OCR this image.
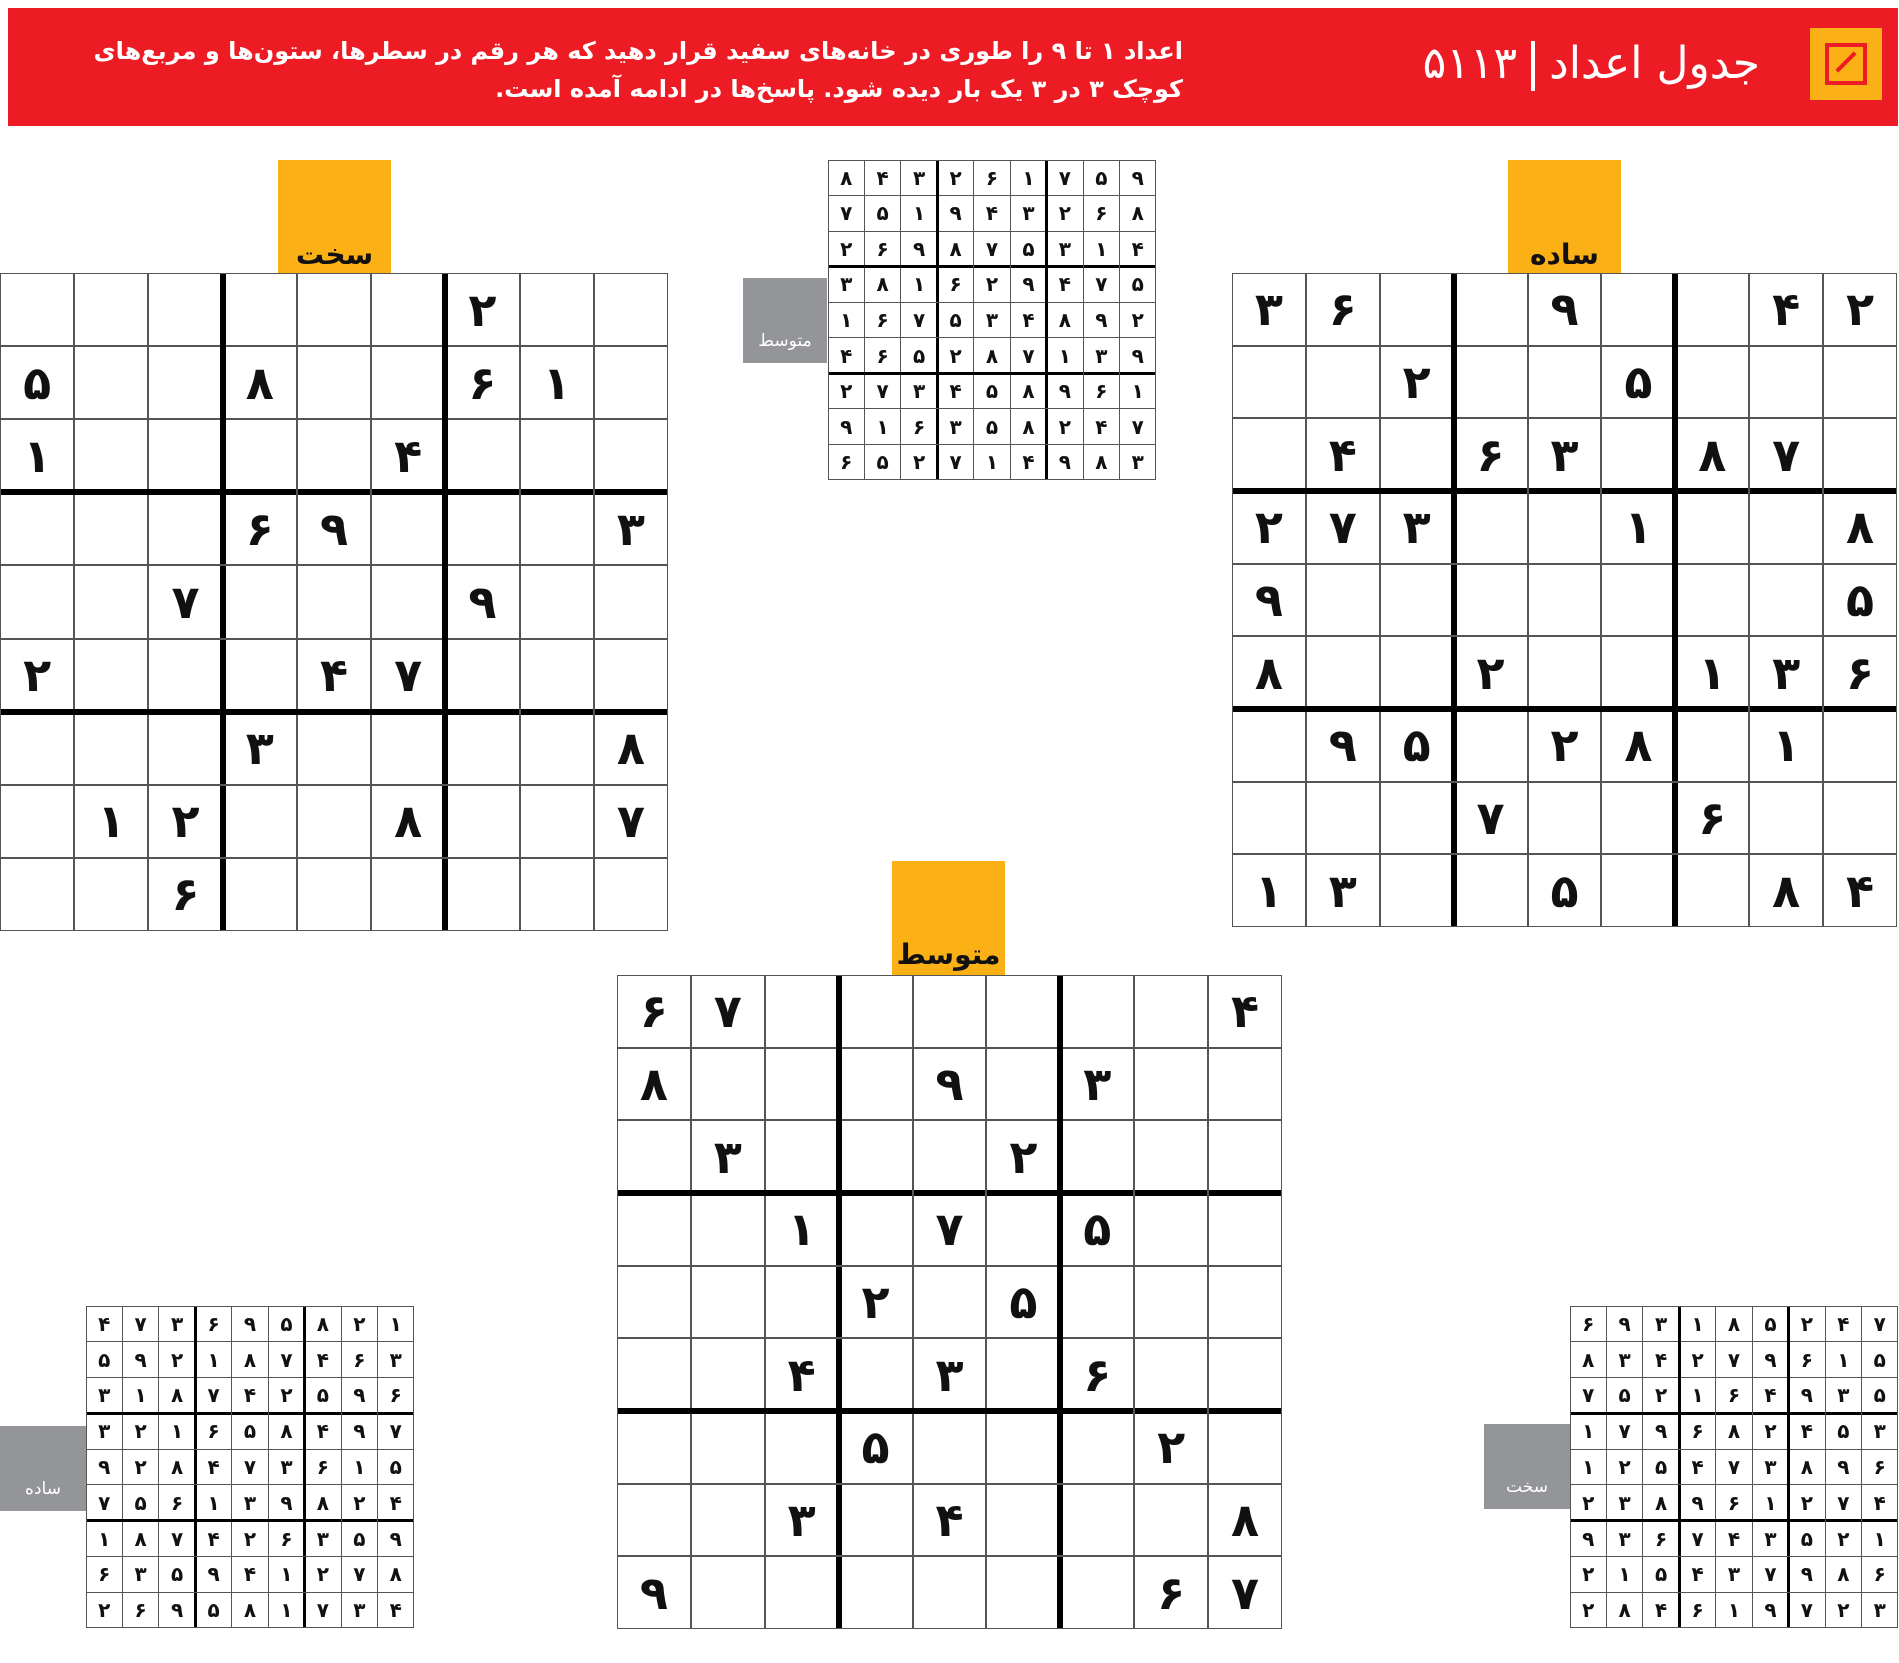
جدول اعداد۵۱۱۳
اعداد ۱ تا ۹ را طوری در خانه‌های سفید قرار دهید که هر رقم در سطرها، ستون‌ها و مربع‌های کوچک ۳ در ۳ یک بار دیده شود. پاسخ‌ها در ادامه آمده است.
ساده
سخت
متوسط
متوسط
ساده	سخت
۲
۴
۹
۶
۳
۵
۲
۷
۸
۳
۶
۴
۸
۱
۳
۷
۲
۵
۹
۶
۳
۱
۲
۸
۱
۸
۲
۵
۹
۶
۷
۴
۸
۵
۳
۱
۲
۱
۶
۸
۵
۴
۱
۳
۹
۶
۹
۷
۷
۴
۲
۸
۳
۷
۸
۲
۱
۶
۴
۷
۶
۳
۹
۸
۲
۳
۵
۷
۱
۵
۲
۶
۳
۴
۲
۵
۸
۴
۳
۷
۶
۹
۹
۵
۷
۱
۶
۲
۳
۴
۸
۸
۶
۲
۳
۴
۹
۱
۵
۷
۴
۱
۳
۵
۷
۸
۹
۶
۲
۵
۷
۴
۹
۲
۶
۱
۸
۳
۲
۹
۸
۴
۳
۵
۷
۶
۱
۹
۳
۱
۷
۸
۲
۵
۶
۴
۱
۶
۹
۸
۵
۴
۳
۷
۲
۷
۴
۲
۸
۵
۳
۶
۱
۹
۳
۸
۹
۴
۱
۷
۲
۵
۶
۱
۲
۸
۵
۹
۶
۳
۷
۴
۳
۶
۴
۷
۸
۱
۲
۹
۵
۶
۹
۵
۲
۴
۷
۸
۱
۳
۷
۹
۴
۸
۵
۶
۱
۲
۳
۵
۱
۶
۳
۷
۴
۸
۲
۹
۴
۲
۸
۹
۳
۱
۶
۵
۷
۹
۵
۳
۶
۲
۴
۷
۸
۱
۸
۷
۲
۱
۴
۹
۵
۳
۶
۴
۳
۷
۱
۸
۵
۹
۶
۲
۷
۴
۲
۵
۸
۱
۳
۹
۶
۵
۱
۶
۹
۷
۲
۴
۳
۸
۵
۳
۹
۴
۶
۱
۲
۵
۷
۳
۵
۴
۲
۸
۶
۹
۷
۱
۶
۹
۸
۳
۷
۴
۵
۲
۱
۴
۷
۲
۱
۶
۹
۸
۳
۲
۱
۲
۵
۳
۴
۷
۶
۳
۹
۶
۸
۹
۷
۳
۴
۵
۱
۲
۳
۲
۷
۹
۱
۶
۴
۸
۲
